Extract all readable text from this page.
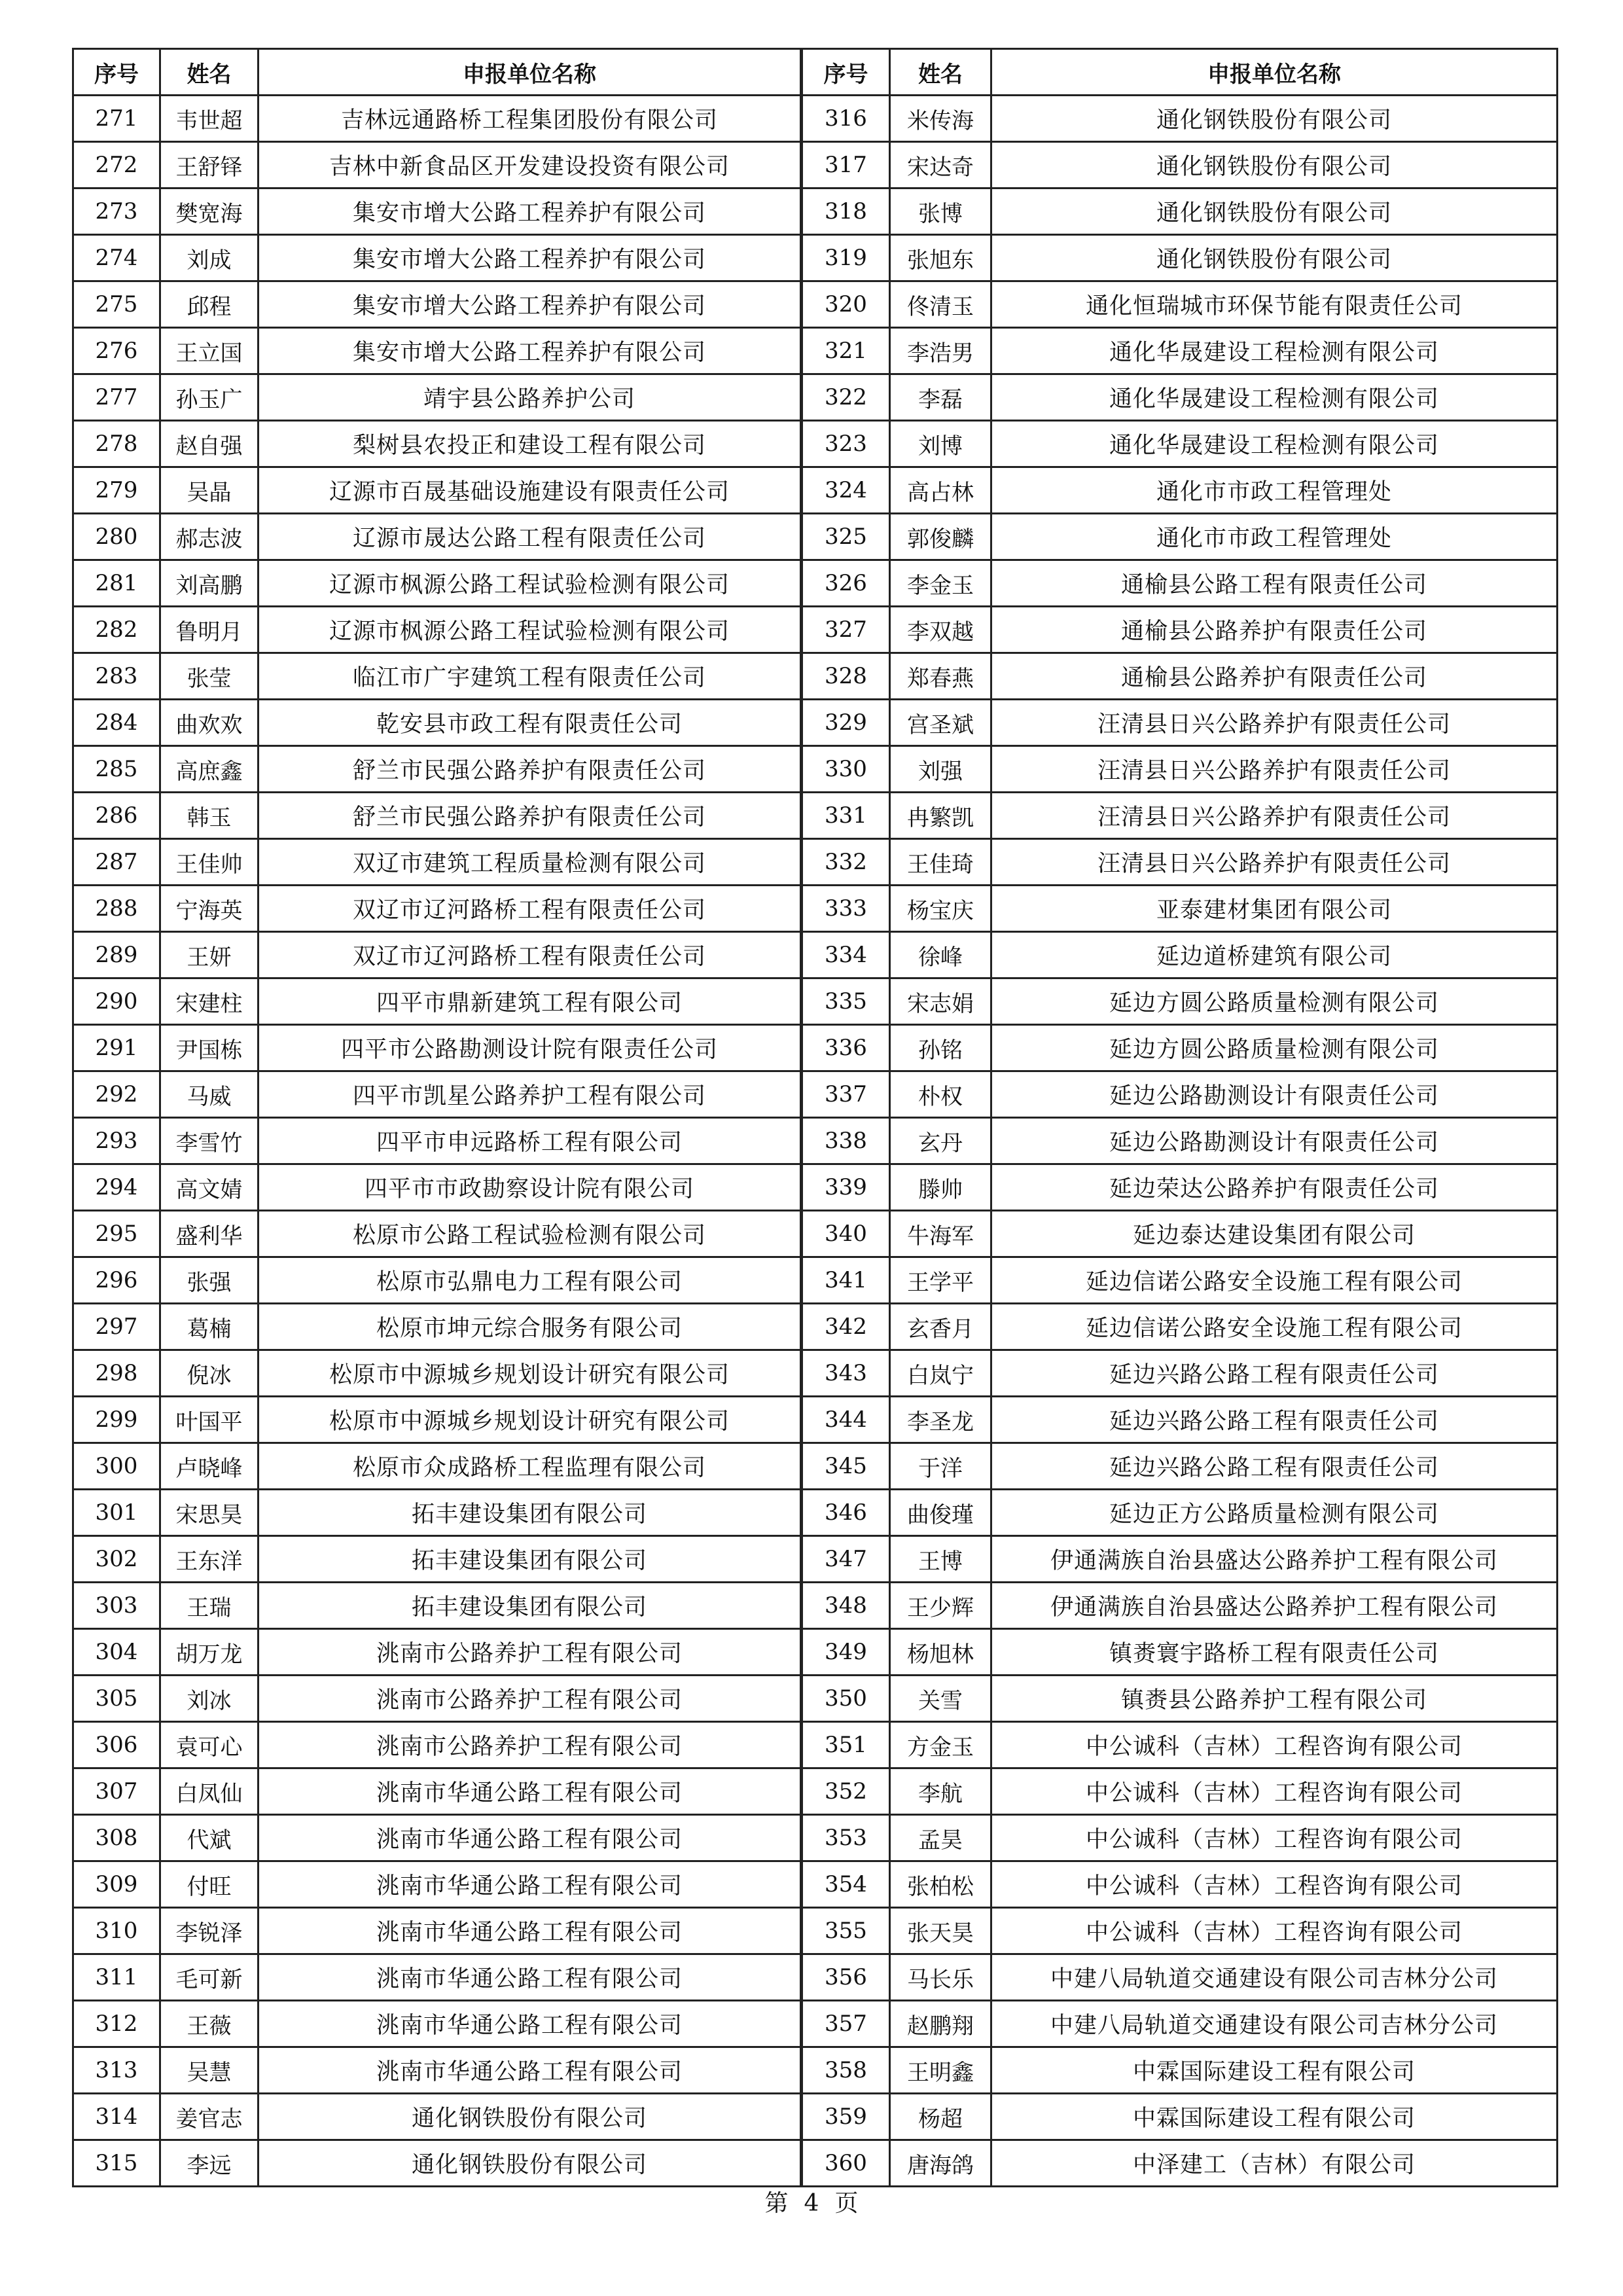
序号	姓名	申报单位名称	序号	姓名	申报单位名称
271	韦世超	吉林远通路桥工程集团股份有限公司	316	米传海	通化钢铁股份有限公司
272	王舒铎	吉林中新食品区开发建设投资有限公司	317	宋达奇	通化钢铁股份有限公司
273	樊宽海	集安市增大公路工程养护有限公司	318	张博	通化钢铁股份有限公司
274	刘成	集安市增大公路工程养护有限公司	319	张旭东	通化钢铁股份有限公司
275	邱程	集安市增大公路工程养护有限公司	320	佟清玉	通化恒瑞城市环保节能有限责任公司
276	王立国	集安市增大公路工程养护有限公司	321	李浩男	通化华晟建设工程检测有限公司
277	孙玉广	靖宇县公路养护公司	322	李磊	通化华晟建设工程检测有限公司
278	赵自强	梨树县农投正和建设工程有限公司	323	刘博	通化华晟建设工程检测有限公司
279	吴晶	辽源市百晟基础设施建设有限责任公司	324	高占林	通化市市政工程管理处
280	郝志波	辽源市晟达公路工程有限责任公司	325	郭俊麟	通化市市政工程管理处
281	刘高鹏	辽源市枫源公路工程试验检测有限公司	326	李金玉	通榆县公路工程有限责任公司
282	鲁明月	辽源市枫源公路工程试验检测有限公司	327	李双越	通榆县公路养护有限责任公司
283	张莹	临江市广宇建筑工程有限责任公司	328	郑春燕	通榆县公路养护有限责任公司
284	曲欢欢	乾安县市政工程有限责任公司	329	宫圣斌	汪清县日兴公路养护有限责任公司
285	高庶鑫	舒兰市民强公路养护有限责任公司	330	刘强	汪清县日兴公路养护有限责任公司
286	韩玉	舒兰市民强公路养护有限责任公司	331	冉繁凯	汪清县日兴公路养护有限责任公司
287	王佳帅	双辽市建筑工程质量检测有限公司	332	王佳琦	汪清县日兴公路养护有限责任公司
288	宁海英	双辽市辽河路桥工程有限责任公司	333	杨宝庆	亚泰建材集团有限公司
289	王妍	双辽市辽河路桥工程有限责任公司	334	徐峰	延边道桥建筑有限公司
290	宋建柱	四平市鼎新建筑工程有限公司	335	宋志娟	延边方圆公路质量检测有限公司
291	尹国栋	四平市公路勘测设计院有限责任公司	336	孙铭	延边方圆公路质量检测有限公司
292	马威	四平市凯星公路养护工程有限公司	337	朴权	延边公路勘测设计有限责任公司
293	李雪竹	四平市申远路桥工程有限公司	338	玄丹	延边公路勘测设计有限责任公司
294	高文婧	四平市市政勘察设计院有限公司	339	滕帅	延边荣达公路养护有限责任公司
295	盛利华	松原市公路工程试验检测有限公司	340	牛海军	延边泰达建设集团有限公司
296	张强	松原市弘鼎电力工程有限公司	341	王学平	延边信诺公路安全设施工程有限公司
297	葛楠	松原市坤元综合服务有限公司	342	玄香月	延边信诺公路安全设施工程有限公司
298	倪冰	松原市中源城乡规划设计研究有限公司	343	白岚宁	延边兴路公路工程有限责任公司
299	叶国平	松原市中源城乡规划设计研究有限公司	344	李圣龙	延边兴路公路工程有限责任公司
300	卢晓峰	松原市众成路桥工程监理有限公司	345	于洋	延边兴路公路工程有限责任公司
301	宋思昊	拓丰建设集团有限公司	346	曲俊瑾	延边正方公路质量检测有限公司
302	王东洋	拓丰建设集团有限公司	347	王博	伊通满族自治县盛达公路养护工程有限公司
303	王瑞	拓丰建设集团有限公司	348	王少辉	伊通满族自治县盛达公路养护工程有限公司
304	胡万龙	洮南市公路养护工程有限公司	349	杨旭林	镇赉寰宇路桥工程有限责任公司
305	刘冰	洮南市公路养护工程有限公司	350	关雪	镇赉县公路养护工程有限公司
306	袁可心	洮南市公路养护工程有限公司	351	方金玉	中公诚科（吉林）工程咨询有限公司
307	白凤仙	洮南市华通公路工程有限公司	352	李航	中公诚科（吉林）工程咨询有限公司
308	代斌	洮南市华通公路工程有限公司	353	孟昊	中公诚科（吉林）工程咨询有限公司
309	付旺	洮南市华通公路工程有限公司	354	张柏松	中公诚科（吉林）工程咨询有限公司
310	李锐泽	洮南市华通公路工程有限公司	355	张天昊	中公诚科（吉林）工程咨询有限公司
311	毛可新	洮南市华通公路工程有限公司	356	马长乐	中建八局轨道交通建设有限公司吉林分公司
312	王薇	洮南市华通公路工程有限公司	357	赵鹏翔	中建八局轨道交通建设有限公司吉林分公司
313	吴慧	洮南市华通公路工程有限公司	358	王明鑫	中霖国际建设工程有限公司
314	姜官志	通化钢铁股份有限公司	359	杨超	中霖国际建设工程有限公司
315	李远	通化钢铁股份有限公司	360	唐海鸽	中泽建工（吉林）有限公司
第 4 页
